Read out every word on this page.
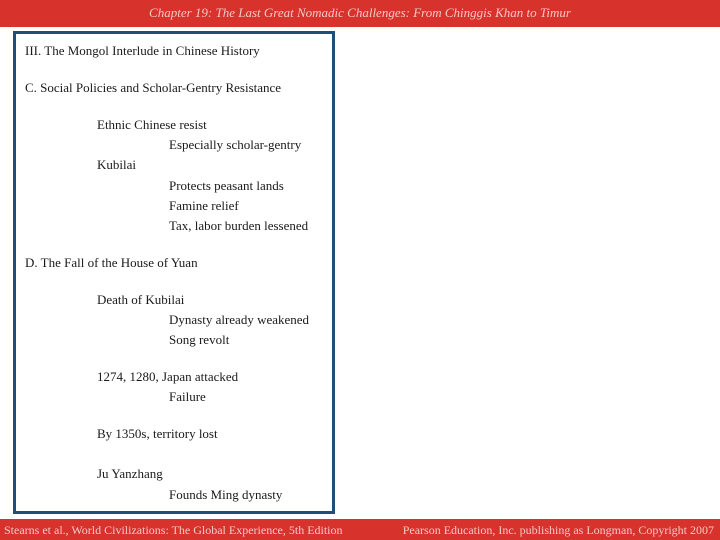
Chapter 19: The Last Great Nomadic Challenges: From Chinggis Khan to Timur
III. The Mongol Interlude in Chinese History
C. Social Policies and Scholar-Gentry Resistance
Ethnic Chinese resist
Especially scholar-gentry
Kubilai
Protects peasant lands
Famine relief
Tax, labor burden lessened
D. The Fall of the House of Yuan
Death of Kubilai
Dynasty already weakened
Song revolt
1274, 1280, Japan attacked
Failure
By 1350s, territory lost
Ju Yanzhang
Founds Ming dynasty
Stearns et al., World Civilizations: The Global Experience, 5th Edition	Pearson Education, Inc. publishing as Longman, Copyright 2007
